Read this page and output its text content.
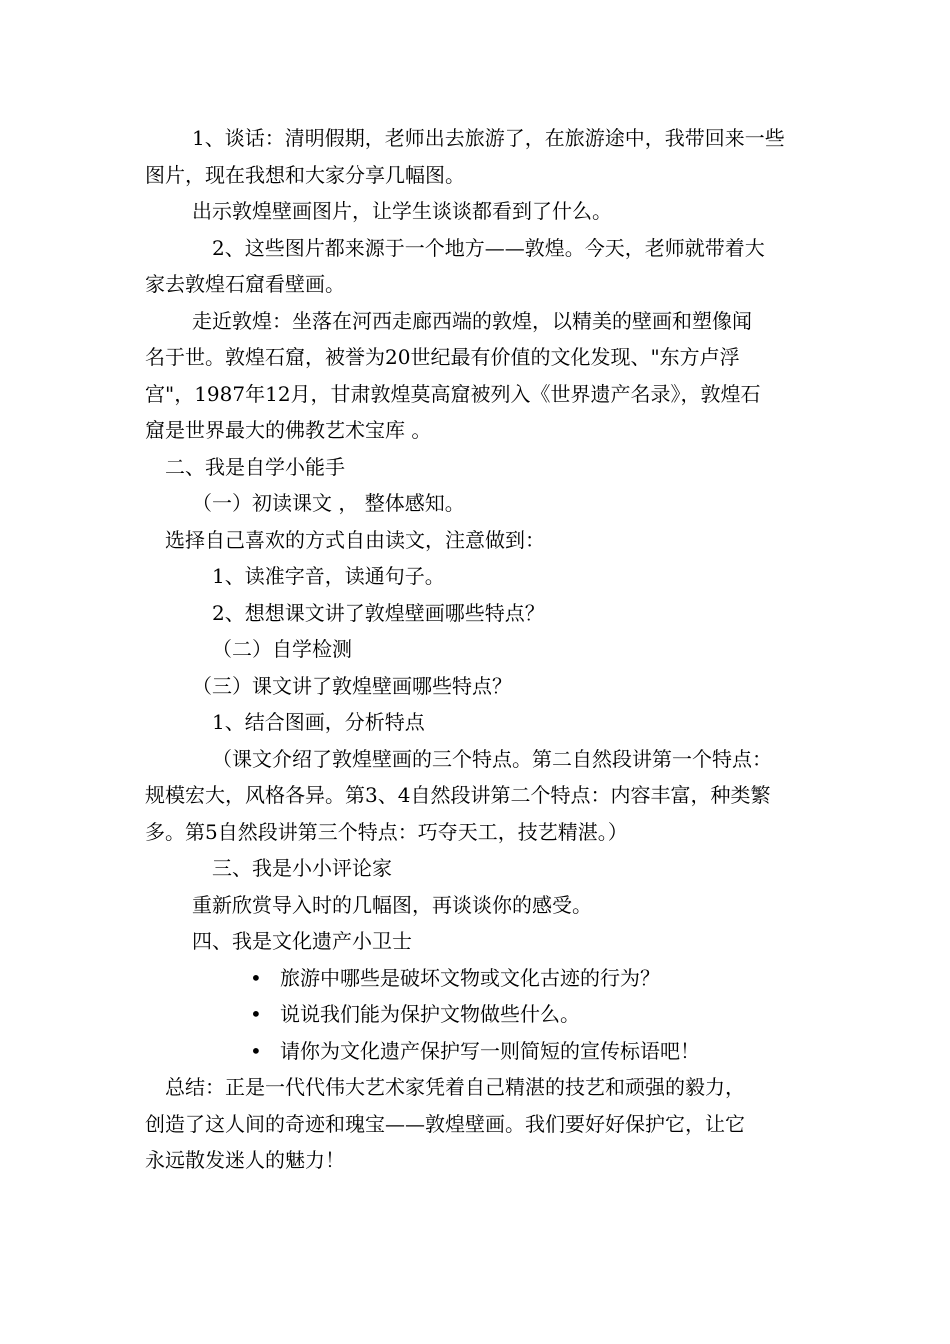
1、谈话：清明假期，老师出去旅游了，在旅游途中，我带回来一些
图片，现在我想和大家分享几幅图。
出示敦煌壁画图片，让学生谈谈都看到了什么。
2、这些图片都来源于一个地方——敦煌。今天，老师就带着大
家去敦煌石窟看壁画。
走近敦煌：坐落在河西走廊西端的敦煌，以精美的壁画和塑像闻
名于世。敦煌石窟，被誉为20世纪最有价值的文化发现、"东方卢浮
宫"，1987年12月，甘肃敦煌莫高窟被列入《世界遗产名录》，敦煌石
窟是世界最大的佛教艺术宝库 。
二、我是自学小能手
（一）初读课文 ， 整体感知。
选择自己喜欢的方式自由读文，注意做到：
1、读准字音，读通句子。
2、想想课文讲了敦煌壁画哪些特点？
（二）自学检测
（三）课文讲了敦煌壁画哪些特点？
1、结合图画，分析特点
（课文介绍了敦煌壁画的三个特点。第二自然段讲第一个特点：
规模宏大，风格各异。第3、4自然段讲第二个特点：内容丰富，种类繁
多。第5自然段讲第三个特点：巧夺天工，技艺精湛。）
三、我是小小评论家
重新欣赏导入时的几幅图，再谈谈你的感受。
四、我是文化遗产小卫士
• 旅游中哪些是破坏文物或文化古迹的行为？
• 说说我们能为保护文物做些什么。
• 请你为文化遗产保护写一则简短的宣传标语吧！
总结：正是一代代伟大艺术家凭着自己精湛的技艺和顽强的毅力，
创造了这人间的奇迹和瑰宝——敦煌壁画。我们要好好保护它，让它
永远散发迷人的魅力！
